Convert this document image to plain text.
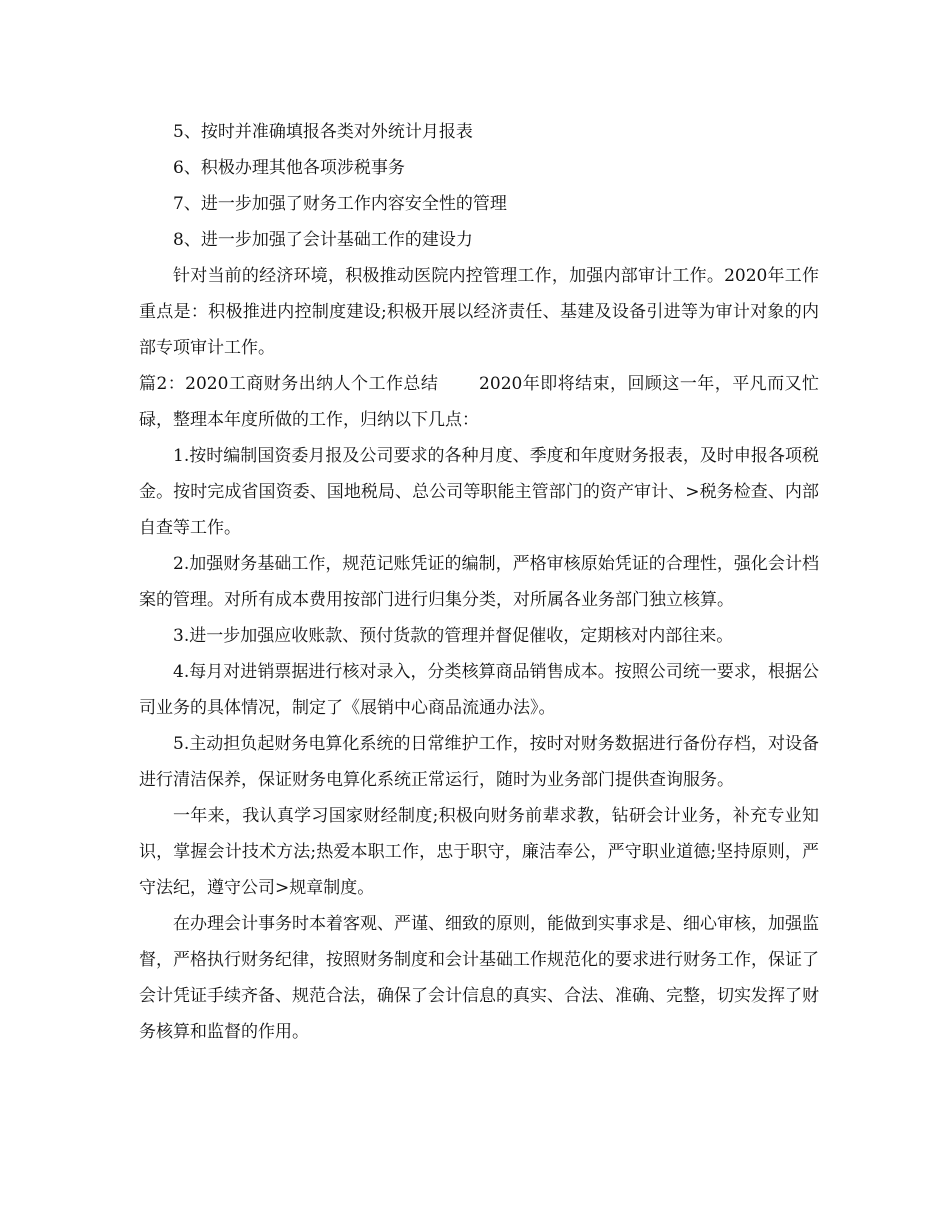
5、按时并准确填报各类对外统计月报表

6、积极办理其他各项涉税事务

7、进一步加强了财务工作内容安全性的管理

8、进一步加强了会计基础工作的建设力

针对当前的经济环境，积极推动医院内控管理工作，加强内部审计工作。2020年工作重点是：积极推进内控制度建设;积极开展以经济责任、基建及设备引进等为审计对象的内部专项审计工作。

篇2：2020工商财务出纳人个工作总结　　 2020年即将结束，回顾这一年，平凡而又忙碌，整理本年度所做的工作，归纳以下几点：

1.按时编制国资委月报及公司要求的各种月度、季度和年度财务报表，及时申报各项税金。按时完成省国资委、国地税局、总公司等职能主管部门的资产审计、>税务检查、内部自查等工作。

2.加强财务基础工作，规范记账凭证的编制，严格审核原始凭证的合理性，强化会计档案的管理。对所有成本费用按部门进行归集分类，对所属各业务部门独立核算。

3.进一步加强应收账款、预付货款的管理并督促催收，定期核对内部往来。

4.每月对进销票据进行核对录入，分类核算商品销售成本。按照公司统一要求，根据公司业务的具体情况，制定了《展销中心商品流通办法》。

5.主动担负起财务电算化系统的日常维护工作，按时对财务数据进行备份存档，对设备进行清洁保养，保证财务电算化系统正常运行，随时为业务部门提供查询服务。

一年来，我认真学习国家财经制度;积极向财务前辈求教，钻研会计业务，补充专业知识，掌握会计技术方法;热爱本职工作，忠于职守，廉洁奉公，严守职业道德;坚持原则，严守法纪，遵守公司>规章制度。

在办理会计事务时本着客观、严谨、细致的原则，能做到实事求是、细心审核，加强监督，严格执行财务纪律，按照财务制度和会计基础工作规范化的要求进行财务工作，保证了会计凭证手续齐备、规范合法，确保了会计信息的真实、合法、准确、完整，切实发挥了财务核算和监督的作用。
